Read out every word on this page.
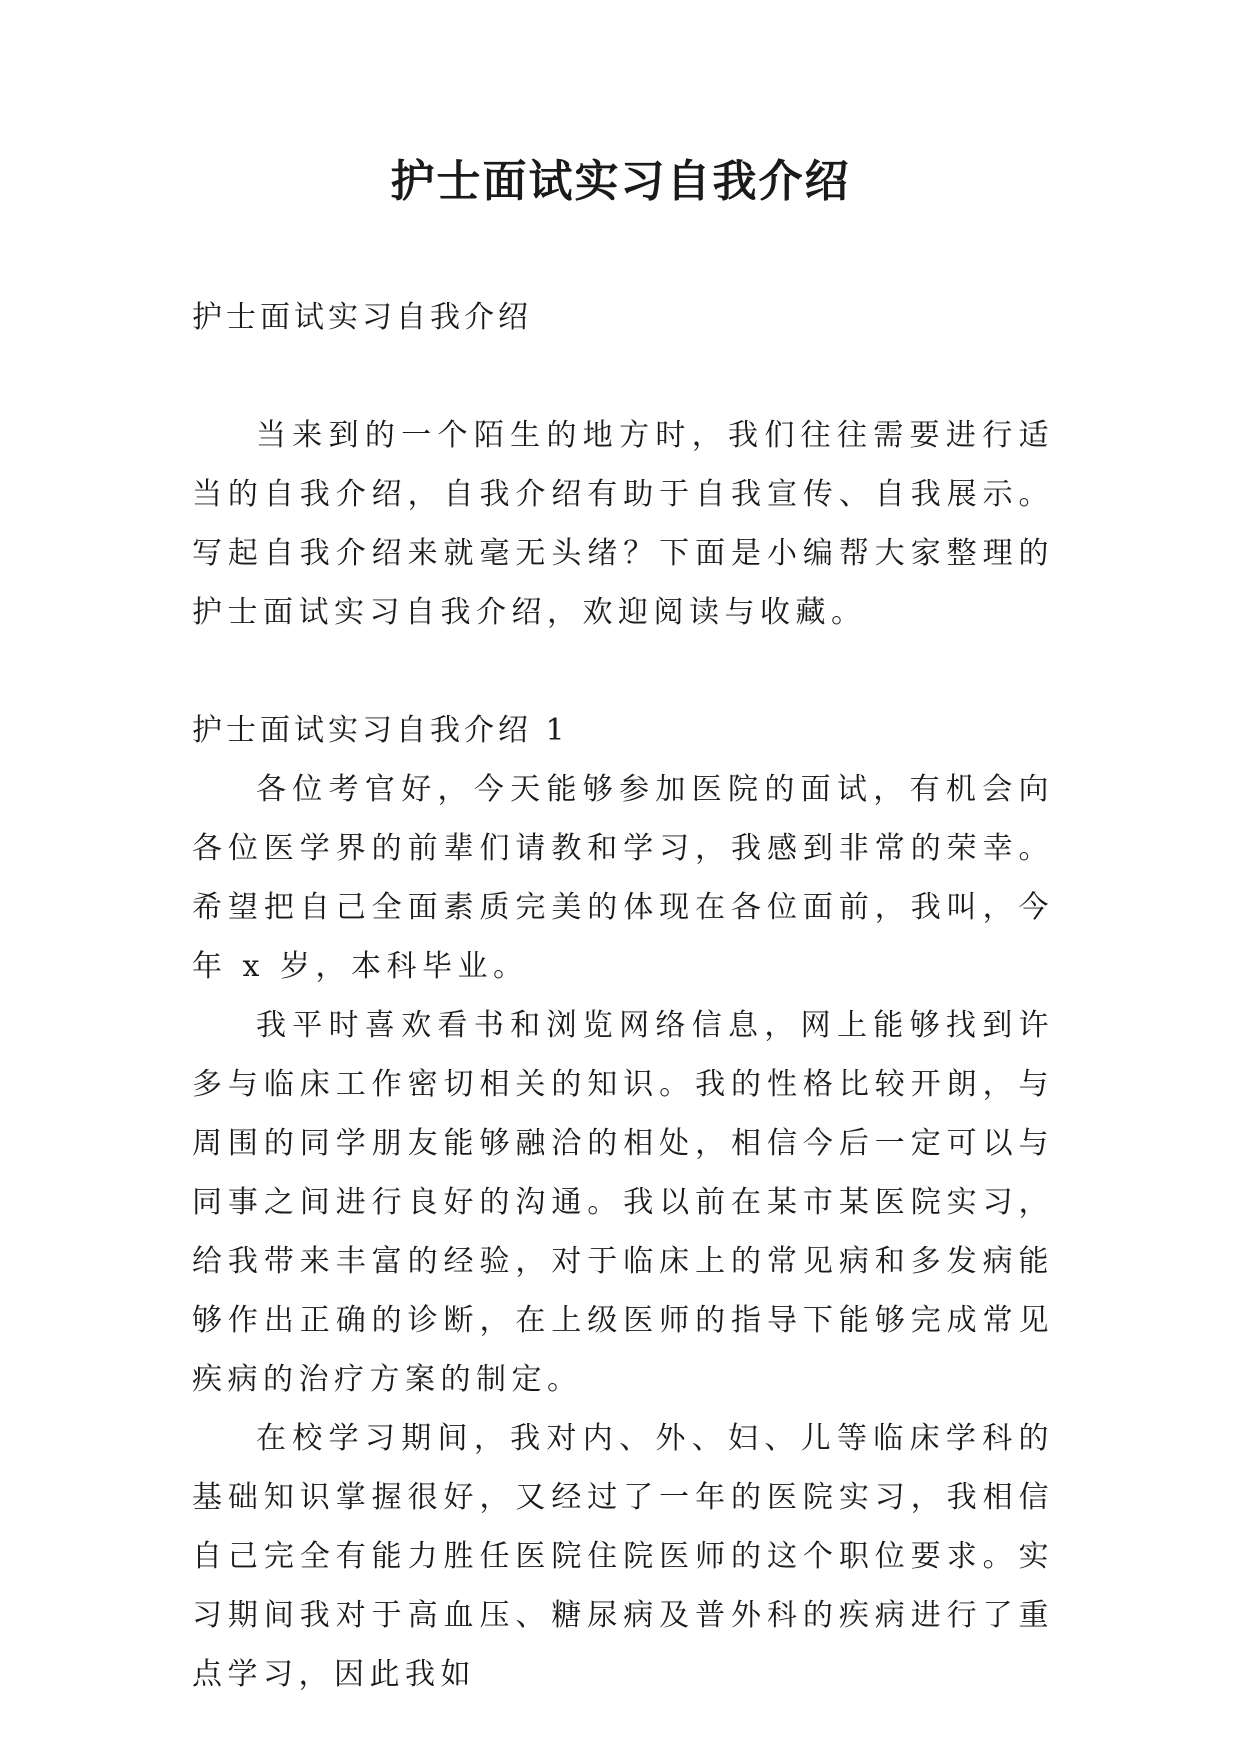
护士面试实习自我介绍

护士面试实习自我介绍

当来到的一个陌生的地方时，我们往往需要进行适当的自我介绍，自我介绍有助于自我宣传、自我展示。写起自我介绍来就毫无头绪？下面是小编帮大家整理的护士面试实习自我介绍，欢迎阅读与收藏。

护士面试实习自我介绍 1

各位考官好，今天能够参加医院的面试，有机会向各位医学界的前辈们请教和学习，我感到非常的荣幸。希望把自己全面素质完美的体现在各位面前，我叫，今年 x 岁，本科毕业。

我平时喜欢看书和浏览网络信息，网上能够找到许多与临床工作密切相关的知识。我的性格比较开朗，与周围的同学朋友能够融洽的相处，相信今后一定可以与同事之间进行良好的沟通。我以前在某市某医院实习，给我带来丰富的经验，对于临床上的常见病和多发病能够作出正确的诊断，在上级医师的指导下能够完成常见疾病的治疗方案的制定。

在校学习期间，我对内、外、妇、儿等临床学科的基础知识掌握很好，又经过了一年的医院实习，我相信自己完全有能力胜任医院住院医师的这个职位要求。实习期间我对于高血压、糖尿病及普外科的疾病进行了重点学习，因此我如
